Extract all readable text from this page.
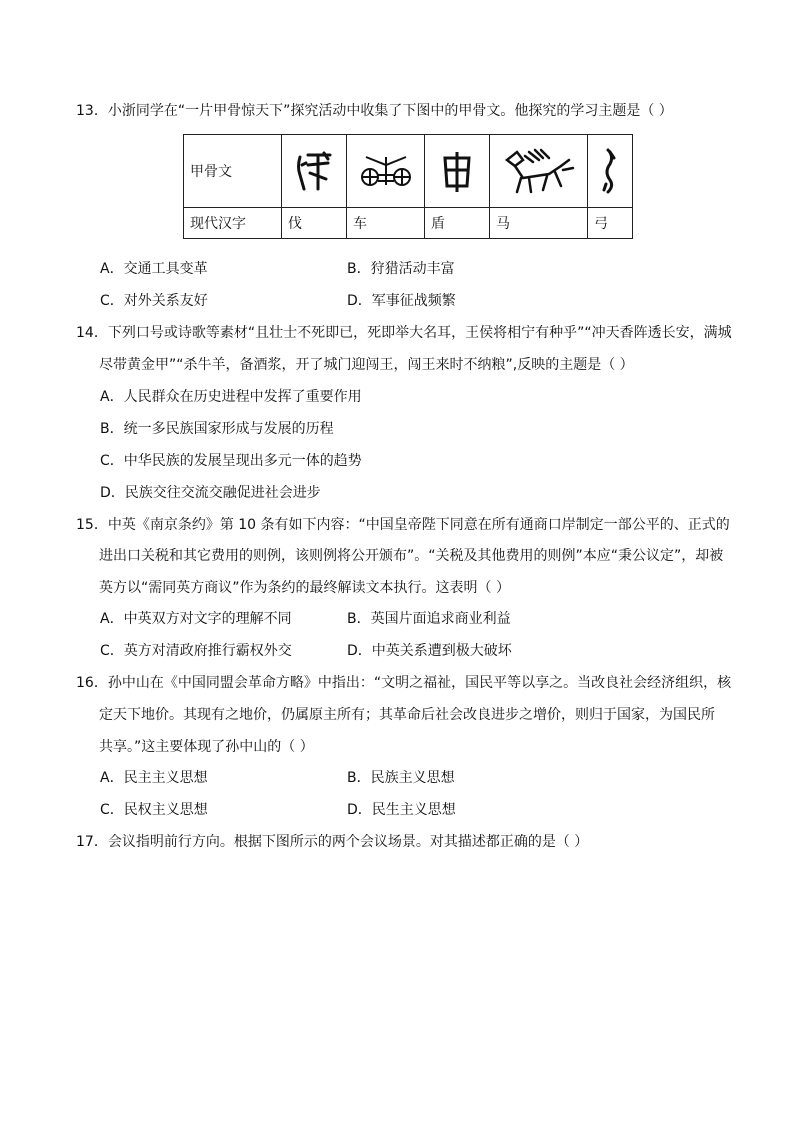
13．小浙同学在“一片甲骨惊天下”探究活动中收集了下图中的甲骨文。他探究的学习主题是（ ）
甲骨文	

现代汉字	伐	车	盾	马	弓
A．交通工具变革	B．狩猎活动丰富
C．对外关系友好	D．军事征战频繁
14．下列口号或诗歌等素材“且壮士不死即已，死即举大名耳，王侯将相宁有种乎”“冲天香阵透长安，满城
尽带黄金甲”“杀牛羊，备酒浆，开了城门迎闯王，闯王来时不纳粮”,反映的主题是（ ）
A．人民群众在历史进程中发挥了重要作用
B．统一多民族国家形成与发展的历程
C．中华民族的发展呈现出多元一体的趋势
D．民族交往交流交融促进社会进步
15．中英《南京条约》第 10 条有如下内容：“中国皇帝陛下同意在所有通商口岸制定一部公平的、正式的
进出口关税和其它费用的则例，该则例将公开颁布”。“关税及其他费用的则例”本应“秉公议定”，却被
英方以“需同英方商议”作为条约的最终解读文本执行。这表明（ ）
A．中英双方对文字的理解不同	B．英国片面追求商业利益
C．英方对清政府推行霸权外交	D．中英关系遭到极大破坏
16．孙中山在《中国同盟会革命方略》中指出：“文明之福祉，国民平等以享之。当改良社会经济组织，核
定天下地价。其现有之地价，仍属原主所有；其革命后社会改良进步之增价，则归于国家，为国民所
共享。”这主要体现了孙中山的（ ）
A．民主主义思想	B．民族主义思想
C．民权主义思想	D．民生主义思想
17．会议指明前行方向。根据下图所示的两个会议场景。对其描述都正确的是（ ）
